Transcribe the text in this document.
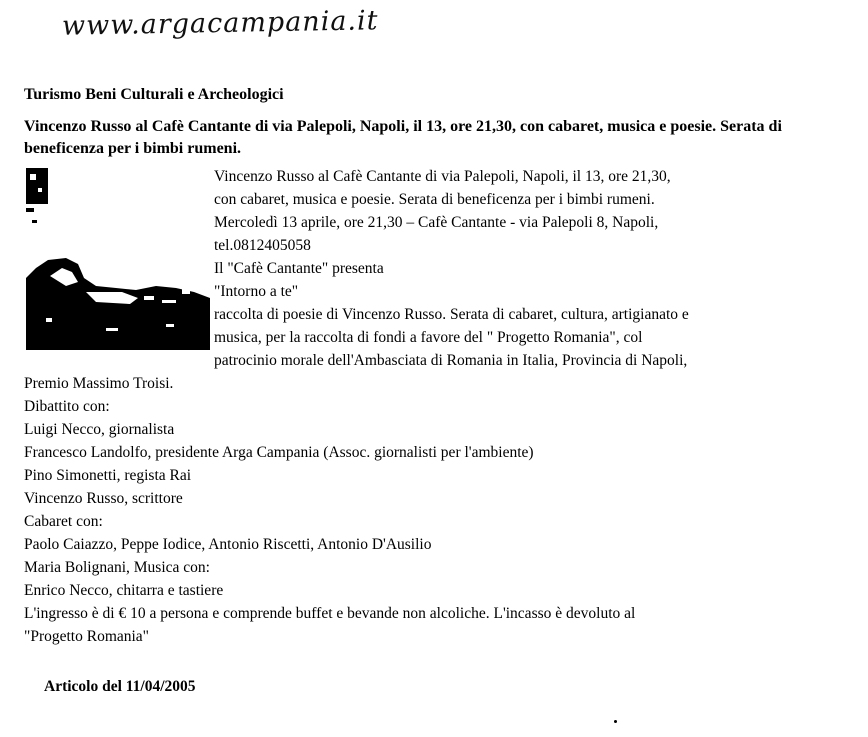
www.argacampania.it
Turismo Beni Culturali e Archeologici
Vincenzo Russo al Cafè Cantante di via Palepoli, Napoli, il 13, ore 21,30, con cabaret, musica e poesie. Serata di beneficenza per i bimbi rumeni.
Vincenzo Russo al Cafè Cantante di via Palepoli, Napoli, il 13, ore 21,30,
con cabaret, musica e poesie. Serata di beneficenza per i bimbi rumeni.
Mercoledì 13 aprile, ore 21,30 – Cafè Cantante - via Palepoli 8, Napoli,
tel.0812405058
Il "Cafè Cantante" presenta
"Intorno a te"
raccolta di poesie di Vincenzo Russo. Serata di cabaret, cultura, artigianato e
musica, per la raccolta di fondi a favore del " Progetto Romania", col
patrocinio morale dell'Ambasciata di Romania in Italia, Provincia di Napoli,
Premio Massimo Troisi.
Dibattito con:
Luigi Necco, giornalista
Francesco Landolfo, presidente Arga Campania (Assoc. giornalisti per l'ambiente)
Pino Simonetti, regista Rai
Vincenzo Russo, scrittore
Cabaret con:
Paolo Caiazzo, Peppe Iodice, Antonio Riscetti, Antonio D'Ausilio
Maria Bolignani, Musica con:
Enrico Necco, chitarra e tastiere
L'ingresso è di € 10 a persona e comprende buffet e bevande non alcoliche. L'incasso è devoluto al
"Progetto Romania"
Articolo del 11/04/2005
